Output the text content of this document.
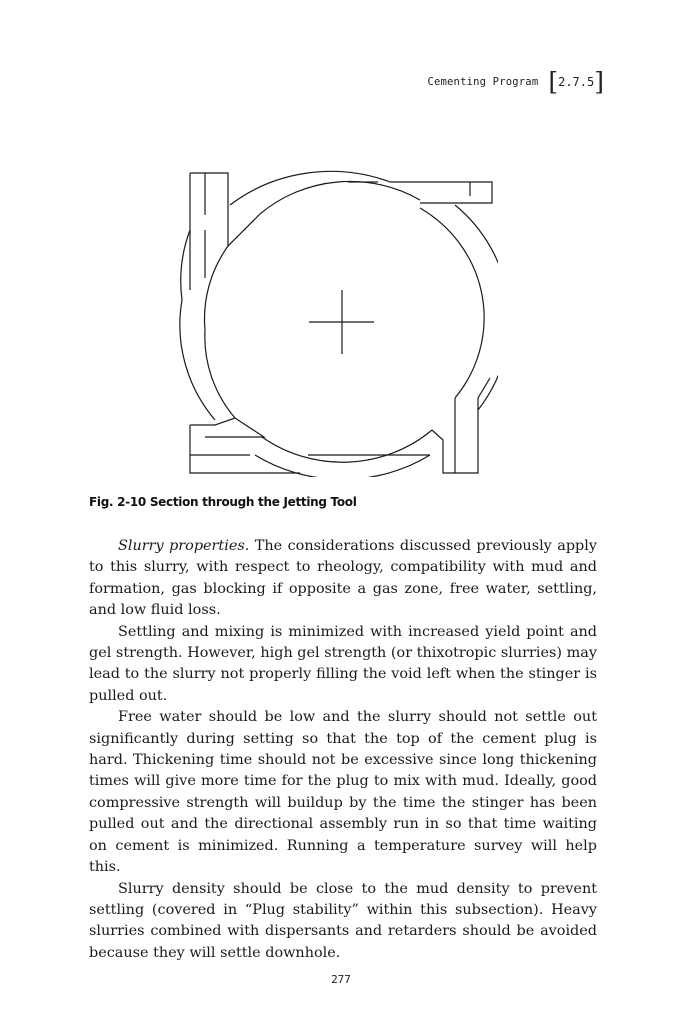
Cementing Program [ 2.7.5 ]
Fig. 2-10 Section through the Jetting Tool

Slurry properties. The considerations discussed previously apply to this slurry, with respect to rheology, compatibility with mud and formation, gas blocking if opposite a gas zone, free water, settling, and low fluid loss.

Settling and mixing is minimized with increased yield point and gel strength. However, high gel strength (or thixotropic slurries) may lead to the slurry not properly filling the void left when the stinger is pulled out.

Free water should be low and the slurry should not settle out significantly during setting so that the top of the cement plug is hard. Thickening time should not be excessive since long thickening times will give more time for the plug to mix with mud. Ideally, good compressive strength will buildup by the time the stinger has been pulled out and the directional assembly run in so that time waiting on cement is minimized. Running a temperature survey will help this.

Slurry density should be close to the mud density to prevent settling (covered in “Plug stability” within this subsection). Heavy slurries combined with dispersants and retarders should be avoided because they will settle downhole.

277
